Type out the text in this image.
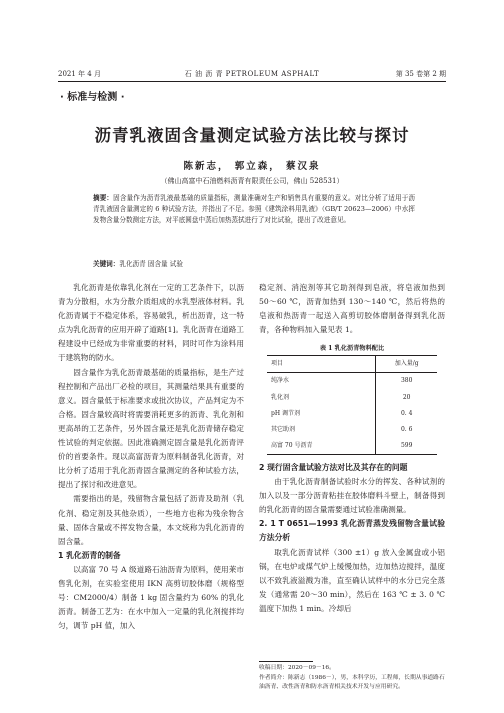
2021 年 4 月	石 油 沥 青 PETROLEUM ASPHALT	第 35 卷第 2 期
· 标准与检测 ·
沥青乳液固含量测定试验方法比较与探讨
陈新志， 郭立森， 蔡汉泉
（佛山高富中石油燃料沥青有限责任公司，佛山 528531）
摘要：固含量作为沥青乳液最基础的质量指标，测量准确对生产和销售具有重要的意义。对比分析了适用于沥青乳液固含量测定的 6 种试验方法，并指出了不足。参照《建筑涂料用乳液》（GB/T 20623—2006）中水挥发物含量分数测定方法，对平底圆盘中蒸后加热蒸拭进行了对比试验，提出了改进意见。
关键词：乳化沥青 固含量 试验

乳化沥青是依靠乳化剂在一定的工艺条件下，以沥青为分散相，水为分散介质组成的水乳型液体材料。乳化沥青属于不稳定体系，容易破乳，析出沥青，这一特点为乳化沥青的应用开辟了道路[1]。乳化沥青在道路工程建设中已经成为非常重要的材料，同时可作为涂料用于建筑物的防水。

固含量作为乳化沥青最基础的质量指标，是生产过程控制和产品出厂必检的项目，其测量结果具有重要的意义。固含量低于标准要求或批次协议，产品判定为不合格。固含量较高时将需要消耗更多的沥青、乳化剂和更高昂的工艺条件，另外固含量还是乳化沥青储存稳定性试验的判定依据。因此准确测定固含量是乳化沥青评价的首要条件。现以高富沥青为原料制备乳化沥青，对比分析了适用于乳化沥青固含量测定的各种试验方法，提出了探讨和改进意见。

需要指出的是，残留物含量包括了沥青及助剂（乳化剂、稳定剂及其他杂质），一些地方也称为残余物含量、固体含量或不挥发物含量，本文统称为乳化沥青的固含量。

1 乳化沥青的制备

以高富 70 号 A 级道路石油沥青为原料，使用莱市售乳化剂，在实验室使用 IKN 高剪切胶体磨（规格型号：CM2000/4）制备 1 kg 固含量约为 60% 的乳化沥青。制备工艺为：在水中加入一定量的乳化剂搅拌均匀，调节 pH 值，加入

稳定剂、消泡剂等其它助剂得到皂液，将皂液加热到 50～60 ℃，沥青加热到 130～140 ℃，然后将热的皂液和热沥青一起送入高剪切胶体磨制备得到乳化沥青，各种物料加入量见表 1。

表 1 乳化沥青物料配比
项目	加入量/g
纯净水	380
乳化剂	20
pH 调节剂	0. 4
其它助剂	0. 6
高富 70 号沥青	599
2 现行固含量试验方法对比及其存在的问题

由于乳化沥青制备试验时水分的挥发、各种试剂的加入以及一部分沥青粘挂在胶体磨料斗壁上，制备得到的乳化沥青的固含量需要通过试验准确测量。

2. 1 T 0651—1993 乳化沥青蒸发残留物含量试验方法分析

取乳化沥青试样（300 ±1）g 放入金属盘或小铝锅，在电炉或煤气炉上缓慢加热，边加热边搅拌，温度以不致乳液溢溅为准，直至确认试样中的水分已完全蒸发（通常需 20～30 min），然后在 163 ℃ ± 3. 0 ℃ 温度下加热 1 min。冷却后

收稿日期：2020－09－16。

作者简介：陈新志（1986－），男，本科学历，工程师，长期从事道路石油沥青、改性沥青和防水沥青相关技术开发与应用研究。
